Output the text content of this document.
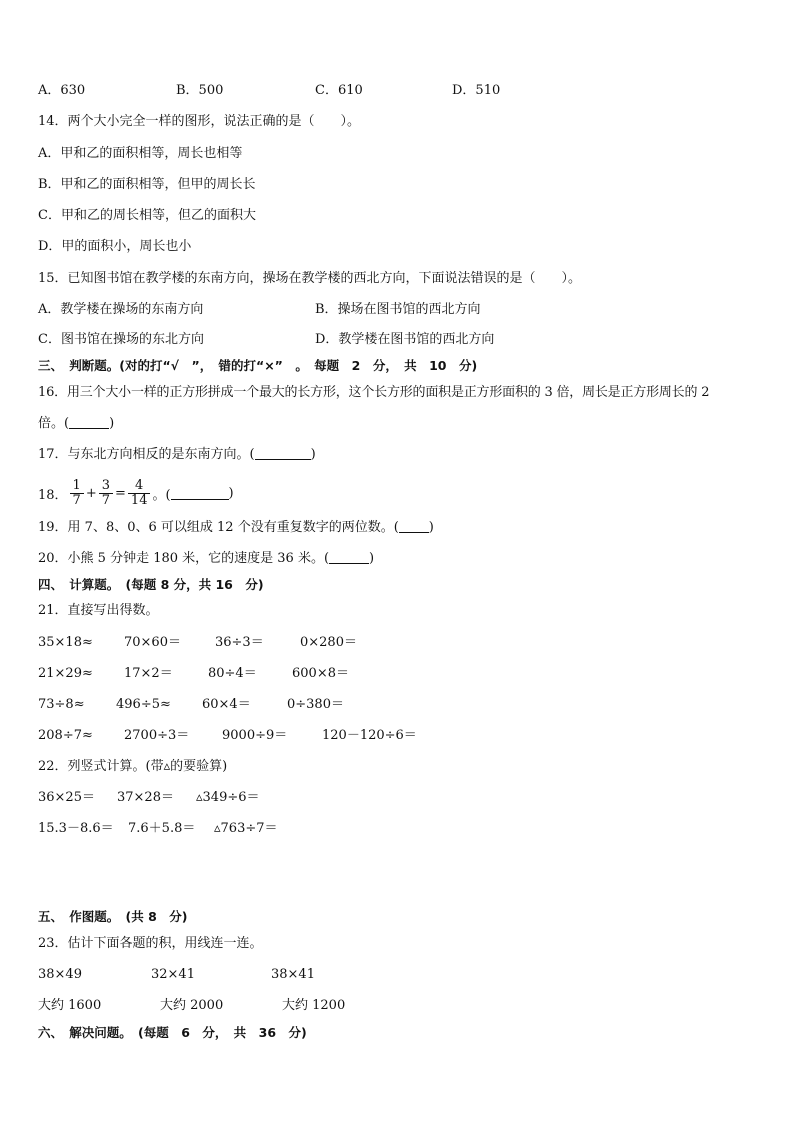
A．630	B．500	C．610	D．510
14．两个大小完全一样的图形，说法正确的是（　　）。
A．甲和乙的面积相等，周长也相等
B．甲和乙的面积相等，但甲的周长长
C．甲和乙的周长相等，但乙的面积大
D．甲的面积小，周长也小
15．已知图书馆在教学楼的东南方向，操场在教学楼的西北方向，下面说法错误的是（　　）。
A．教学楼在操场的东南方向	B．操场在图书馆的西北方向
C．图书馆在操场的东北方向	D．教学楼在图书馆的西北方向
三、　判断题。(对的打“√　”，　错的打“×”　。　每题　2　分，　共　10　分)
16．用三个大小一样的正方形拼成一个最大的长方形，这个长方形的面积是正方形面积的 3 倍，周长是正方形周长的 2
倍。(	)
17．与东北方向相反的是东南方向。(	)
18． $\frac{1}{7} + \frac{3}{7} = \frac{4}{14}$ 。(	)
19．用 7、8、0、6 可以组成 12 个没有重复数字的两位数。( )
20．小熊 5 分钟走 180 米，它的速度是 36 米。(	)
四、　计算题。　(每题 8 分，共 16　分)
21．直接写出得数。
35×18≈ 70×60＝	36÷3＝	0×280＝
21×29≈ 17×2＝	80÷4＝	600×8＝
73÷8≈ 496÷5≈ 60×4＝	0÷380＝
208÷7≈ 2700÷3＝	9000÷9＝	120－120÷6＝
22．列竖式计算。(带▵的要验算)
36×25＝ 37×28＝ ▵349÷6＝
15.3－8.6＝ 7.6＋5.8＝ ▵763÷7＝
五、　作图题。　(共 8　分)
23．估计下面各题的积，用线连一连。
38×49	32×41	38×41
大约 1600	大约 2000	大约 1200
六、　解决问题。　(每题　6　分，　共　36　分)
